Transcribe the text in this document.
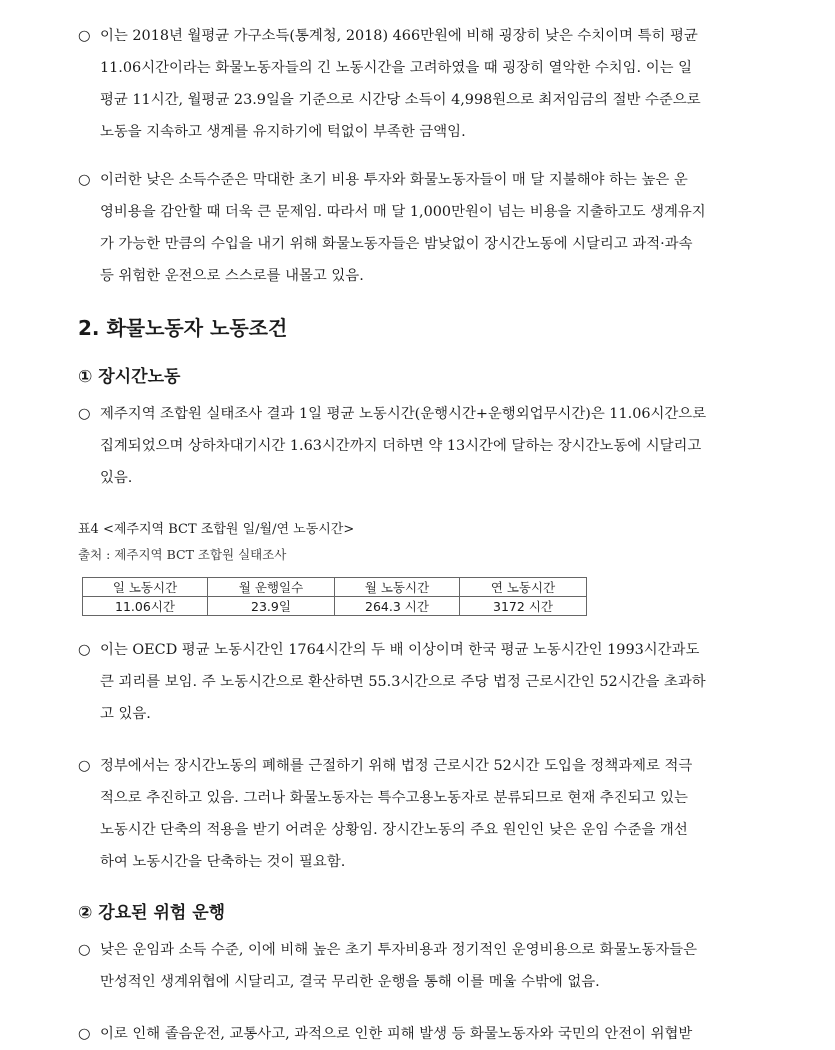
○ 이는 2018년 월평균 가구소득(통계청, 2018) 466만원에 비해 굉장히 낮은 수치이며 특히 평균
11.06시간이라는 화물노동자들의 긴 노동시간을 고려하였을 때 굉장히 열악한 수치임. 이는 일
평균 11시간, 월평균 23.9일을 기준으로 시간당 소득이 4,998원으로 최저임금의 절반 수준으로
노동을 지속하고 생계를 유지하기에 턱없이 부족한 금액임.
○ 이러한 낮은 소득수준은 막대한 초기 비용 투자와 화물노동자들이 매 달 지불해야 하는 높은 운
영비용을 감안할 때 더욱 큰 문제임. 따라서 매 달 1,000만원이 넘는 비용을 지출하고도 생계유지
가 가능한 만큼의 수입을 내기 위해 화물노동자들은 밤낮없이 장시간노동에 시달리고 과적·과속
등 위험한 운전으로 스스로를 내몰고 있음.
2. 화물노동자 노동조건
① 장시간노동
○ 제주지역 조합원 실태조사 결과 1일 평균 노동시간(운행시간+운행외업무시간)은 11.06시간으로
집계되었으며 상하차대기시간 1.63시간까지 더하면 약 13시간에 달하는 장시간노동에 시달리고
있음.
표4 <제주지역 BCT 조합원 일/월/연 노동시간>
출처 : 제주지역 BCT 조합원 실태조사
일 노동시간	월 운행일수	월 노동시간	연 노동시간
11.06시간	23.9일	264.3 시간	3172 시간
○ 이는 OECD 평균 노동시간인 1764시간의 두 배 이상이며 한국 평균 노동시간인 1993시간과도
큰 괴리를 보임. 주 노동시간으로 환산하면 55.3시간으로 주당 법정 근로시간인 52시간을 초과하
고 있음.
○ 정부에서는 장시간노동의 폐해를 근절하기 위해 법정 근로시간 52시간 도입을 정책과제로 적극
적으로 추진하고 있음. 그러나 화물노동자는 특수고용노동자로 분류되므로 현재 추진되고 있는
노동시간 단축의 적용을 받기 어려운 상황임. 장시간노동의 주요 원인인 낮은 운임 수준을 개선
하여 노동시간을 단축하는 것이 필요함.
② 강요된 위험 운행
○ 낮은 운임과 소득 수준, 이에 비해 높은 초기 투자비용과 정기적인 운영비용으로 화물노동자들은
만성적인 생계위협에 시달리고, 결국 무리한 운행을 통해 이를 메울 수밖에 없음.
○ 이로 인해 졸음운전, 교통사고, 과적으로 인한 피해 발생 등 화물노동자와 국민의 안전이 위협받
